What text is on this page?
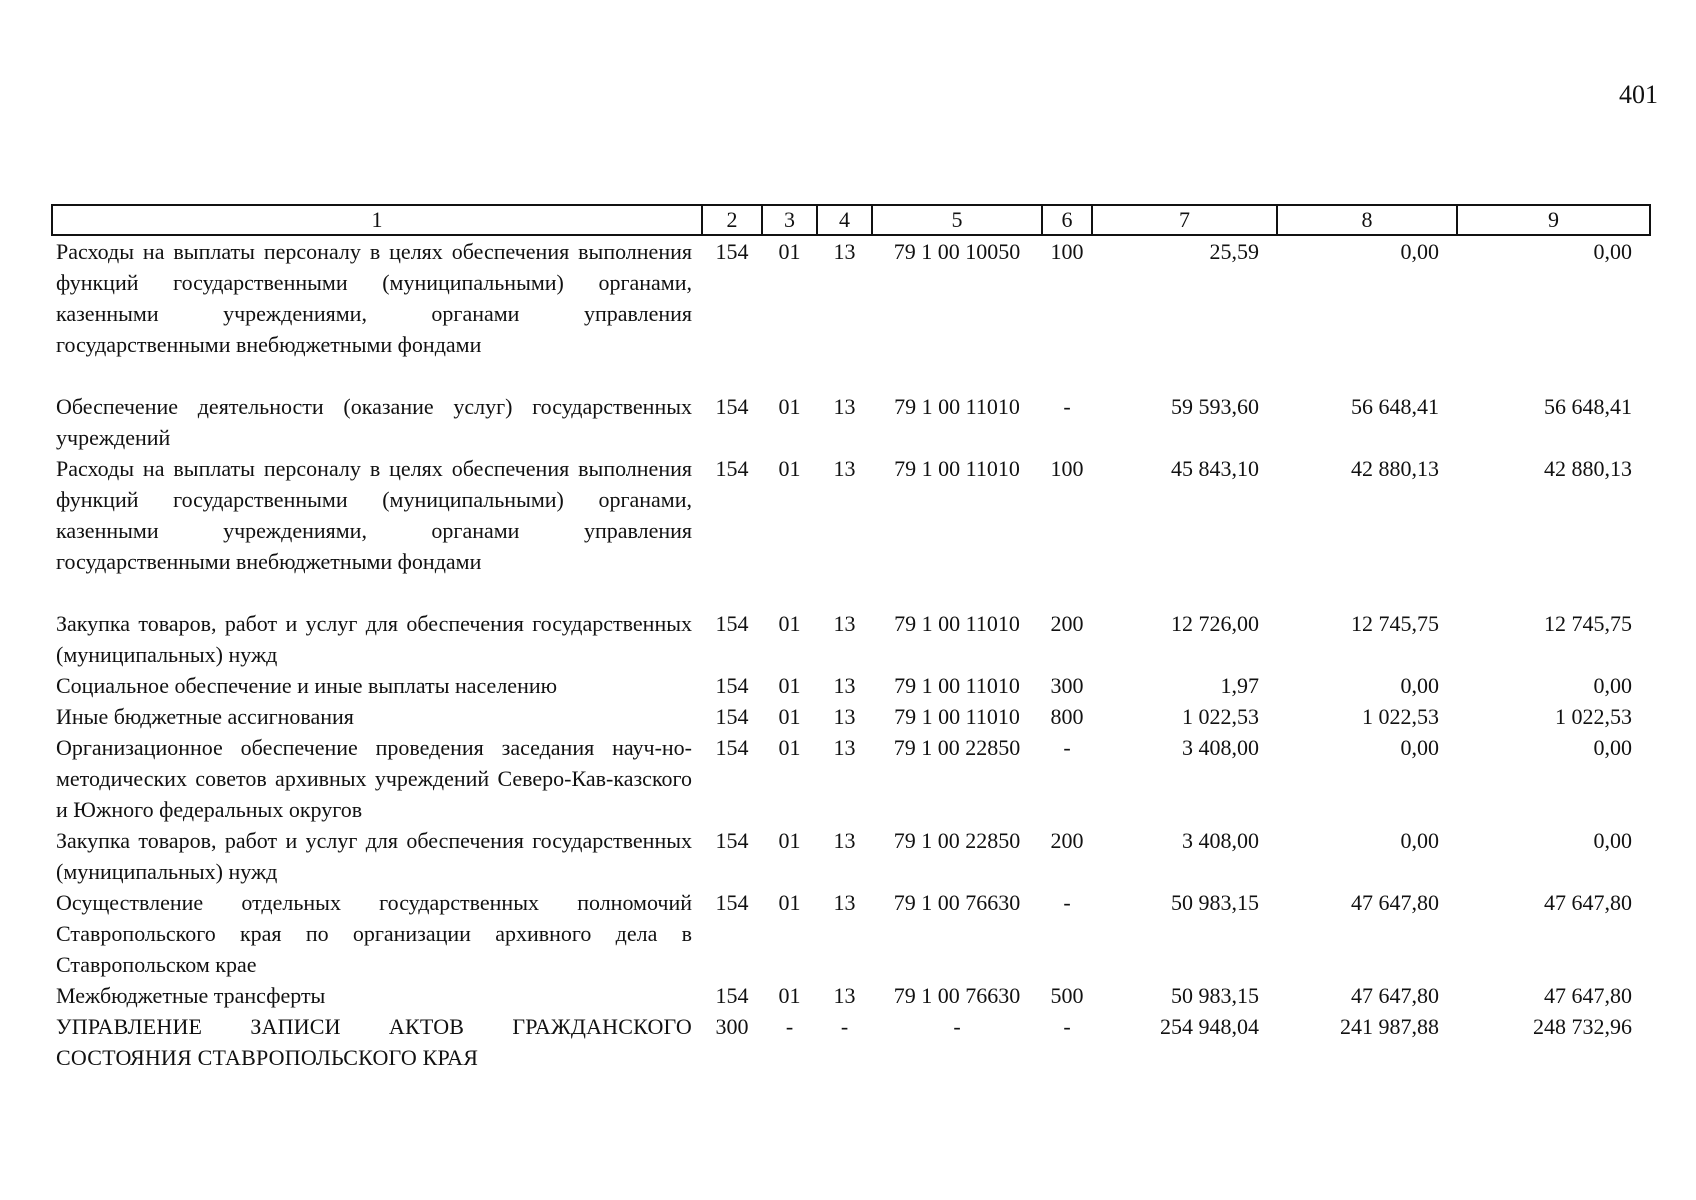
401
1	2	3	4	5	6	7	8	9
Расходы на выплаты персоналу в целях обеспечения выполнения функций государственными (муниципальными) органами, казенными учреждениями, органами управления государственными внебюджетными фондами	154	01	13	79 1 00 10050	100	25,59	0,00	0,00
Обеспечение деятельности (оказание услуг) государственных учреждений	154	01	13	79 1 00 11010	-	59 593,60	56 648,41	56 648,41
Расходы на выплаты персоналу в целях обеспечения выполнения функций государственными (муниципальными) органами, казенными учреждениями, органами управления государственными внебюджетными фондами	154	01	13	79 1 00 11010	100	45 843,10	42 880,13	42 880,13
Закупка товаров, работ и услуг для обеспечения государственных (муниципальных) нужд	154	01	13	79 1 00 11010	200	12 726,00	12 745,75	12 745,75
Социальное обеспечение и иные выплаты населению	154	01	13	79 1 00 11010	300	1,97	0,00	0,00
Иные бюджетные ассигнования	154	01	13	79 1 00 11010	800	1 022,53	1 022,53	1 022,53
Организационное обеспечение проведения заседания науч-но-методических советов архивных учреждений Северо-Кав-казского и Южного федеральных округов	154	01	13	79 1 00 22850	-	3 408,00	0,00	0,00
Закупка товаров, работ и услуг для обеспечения государственных (муниципальных) нужд	154	01	13	79 1 00 22850	200	3 408,00	0,00	0,00
Осуществление отдельных государственных полномочий Ставропольского края по организации архивного дела в Ставропольском крае	154	01	13	79 1 00 76630	-	50 983,15	47 647,80	47 647,80
Межбюджетные трансферты	154	01	13	79 1 00 76630	500	50 983,15	47 647,80	47 647,80
УПРАВЛЕНИЕ ЗАПИСИ АКТОВ ГРАЖДАНСКОГО СОСТОЯНИЯ СТАВРОПОЛЬСКОГО КРАЯ	300	-	-	-	-	254 948,04	241 987,88	248 732,96
